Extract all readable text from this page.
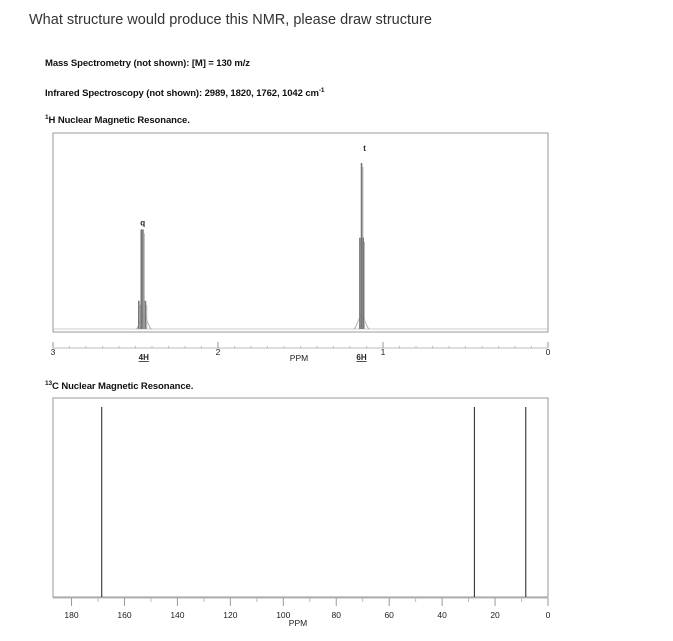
What structure would produce this NMR, please draw structure
Mass Spectrometry (not shown): [M] = 130 m/z
Infrared Spectroscopy (not shown): 2989, 1820, 1762, 1042 $cm^{-1}$
$^1$H Nuclear Magnetic Resonance.
$^{13}$C Nuclear Magnetic Resonance.
3	2	1	0
PPM
q
4H
t
6H
180	160	140	120	100	80	60	40	20	0
PPM
